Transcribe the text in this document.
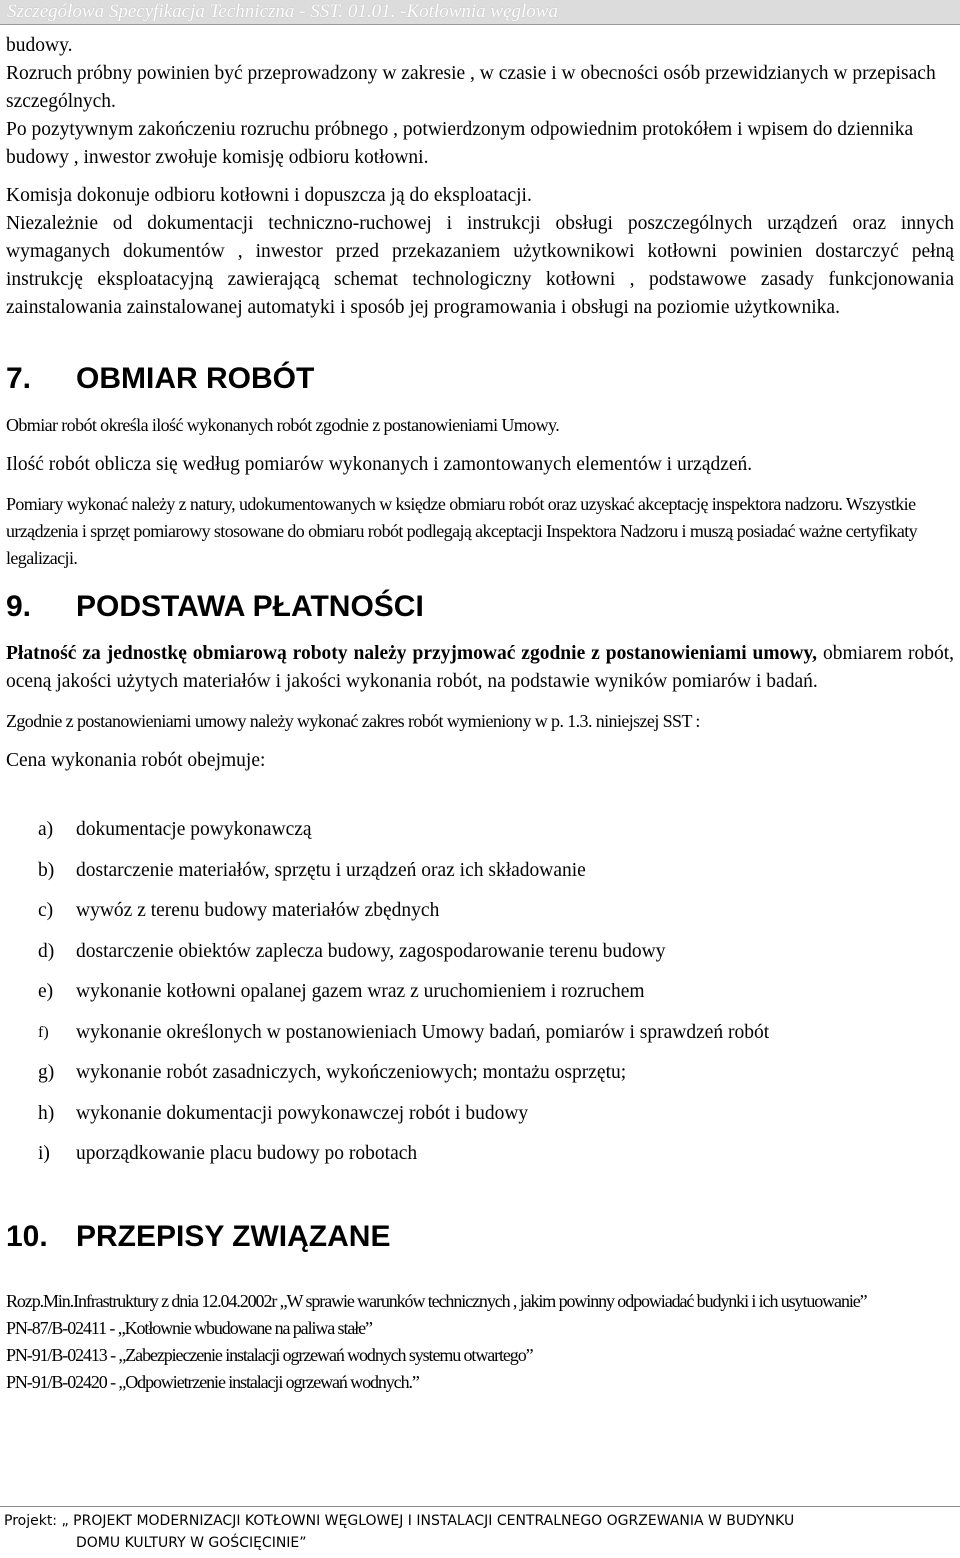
Szczegółowa Specyfikacja Techniczna - SST. 01.01. -Kotłownia węglowa

budowy.

Rozruch próbny powinien być przeprowadzony w zakresie , w czasie i w obecności osób przewidzianych w przepisach szczególnych.

Po pozytywnym zakończeniu rozruchu próbnego , potwierdzonym odpowiednim protokółem i wpisem do dziennika budowy , inwestor zwołuje komisję odbioru kotłowni.

Komisja dokonuje odbioru kotłowni i dopuszcza ją do eksploatacji.

Niezależnie od dokumentacji techniczno-ruchowej i instrukcji obsługi poszczególnych urządzeń oraz innych wymaganych dokumentów , inwestor przed przekazaniem użytkownikowi kotłowni powinien dostarczyć pełną instrukcję eksploatacyjną zawierającą schemat technologiczny kotłowni , podstawowe zasady funkcjonowania zainstalowania zainstalowanej automatyki i sposób jej programowania i obsługi na poziomie użytkownika.

7. OBMIAR ROBÓT

Obmiar robót określa ilość wykonanych robót zgodnie z postanowieniami Umowy.

Ilość robót oblicza się według pomiarów wykonanych i zamontowanych elementów i urządzeń.

Pomiary wykonać należy z natury, udokumentowanych w księdze obmiaru robót oraz uzyskać akceptację inspektora nadzoru. Wszystkie urządzenia i sprzęt pomiarowy stosowane do obmiaru robót podlegają akceptacji Inspektora Nadzoru i muszą posiadać ważne certyfikaty legalizacji.

9. PODSTAWA PŁATNOŚCI

Płatność za jednostkę obmiarową roboty należy przyjmować zgodnie z postanowieniami umowy, obmiarem robót, oceną jakości użytych materiałów i jakości wykonania robót, na podstawie wyników pomiarów i badań.

Zgodnie z postanowieniami umowy należy wykonać zakres robót wymieniony w p. 1.3. niniejszej SST :

Cena wykonania robót obejmuje:

a) dokumentacje powykonawczą
b) dostarczenie materiałów, sprzętu i urządzeń oraz ich składowanie
c) wywóz z terenu budowy materiałów zbędnych
d) dostarczenie obiektów zaplecza budowy, zagospodarowanie terenu budowy
e) wykonanie kotłowni opalanej gazem wraz z uruchomieniem i rozruchem
f) wykonanie określonych w postanowieniach Umowy badań, pomiarów i sprawdzeń robót
g) wykonanie robót zasadniczych, wykończeniowych; montażu osprzętu;
h) wykonanie dokumentacji powykonawczej robót i budowy
i) uporządkowanie placu budowy po robotach
10. PRZEPISY ZWIĄZANE

Rozp.Min.Infrastruktury z dnia 12.04.2002r „W sprawie warunków technicznych , jakim powinny odpowiadać budynki i ich usytuowanie”

PN-87/B-02411 - „Kotłownie wbudowane na paliwa stałe”

PN-91/B-02413 - „Zabezpieczenie instalacji ogrzewań wodnych systemu otwartego”

PN-91/B-02420 - „Odpowietrzenie instalacji ogrzewań wodnych.”

Projekt: „ PROJEKT MODERNIZACJI KOTŁOWNI WĘGLOWEJ I INSTALACJI CENTRALNEGO OGRZEWANIA W BUDYNKU
DOMU KULTURY W GOŚCIĘCINIE”
